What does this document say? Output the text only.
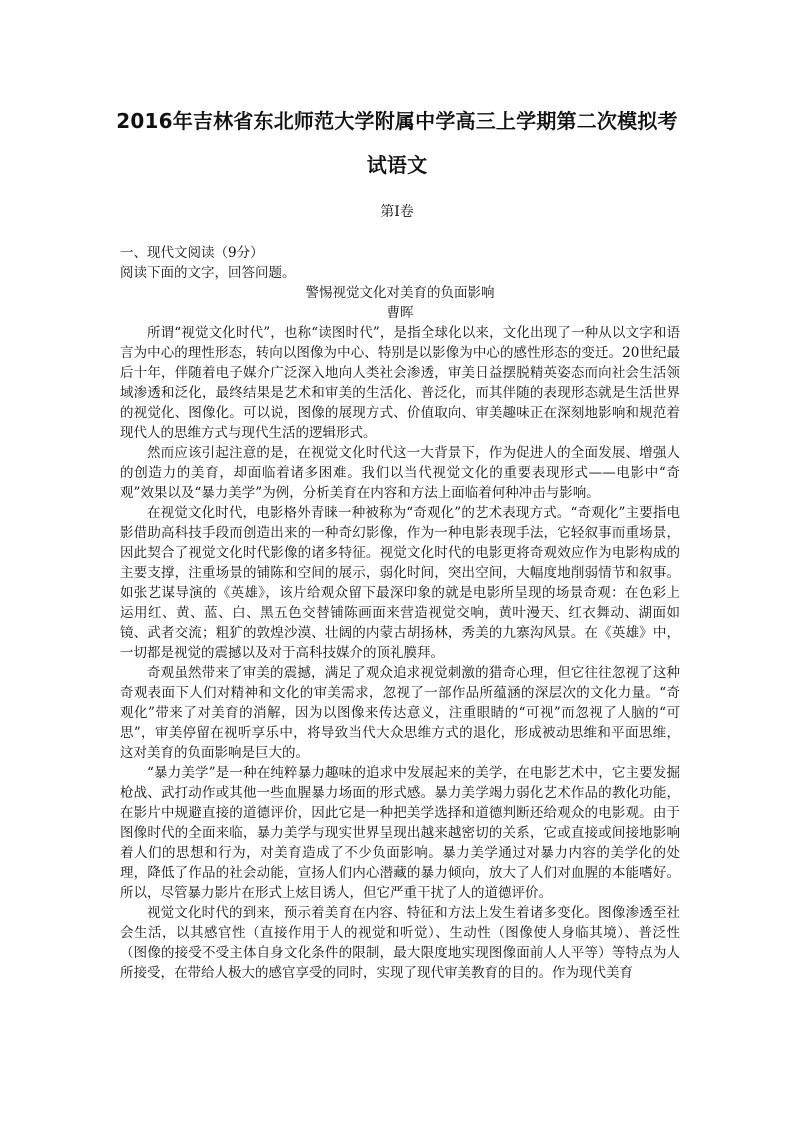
2016年吉林省东北师范大学附属中学高三上学期第二次模拟考试语文
第Ⅰ卷

一、现代文阅读（9分）

阅读下面的文字，回答问题。

警惕视觉文化对美育的负面影响

曹晖

所谓“视觉文化时代”，也称“读图时代”，是指全球化以来，文化出现了一种从以文字和语言为中心的理性形态，转向以图像为中心、特别是以影像为中心的感性形态的变迁。20世纪最后十年，伴随着电子媒介广泛深入地向人类社会渗透，审美日益摆脱精英姿态而向社会生活领域渗透和泛化，最终结果是艺术和审美的生活化、普泛化，而其伴随的表现形态就是生活世界的视觉化、图像化。可以说，图像的展现方式、价值取向、审美趣味正在深刻地影响和规范着现代人的思维方式与现代生活的逻辑形式。

然而应该引起注意的是，在视觉文化时代这一大背景下，作为促进人的全面发展、增强人的创造力的美育，却面临着诸多困难。我们以当代视觉文化的重要表现形式——电影中“奇观”效果以及“暴力美学”为例，分析美育在内容和方法上面临着何种冲击与影响。

在视觉文化时代，电影格外青睐一种被称为“奇观化”的艺术表现方式。“奇观化”主要指电影借助高科技手段而创造出来的一种奇幻影像，作为一种电影表现手法，它轻叙事而重场景，因此契合了视觉文化时代影像的诸多特征。视觉文化时代的电影更将奇观效应作为电影构成的主要支撑，注重场景的铺陈和空间的展示，弱化时间，突出空间，大幅度地削弱情节和叙事。如张艺谋导演的《英雄》，该片给观众留下最深印象的就是电影所呈现的场景奇观：在色彩上运用红、黄、蓝、白、黑五色交替铺陈画面来营造视觉交响，黄叶漫天、红衣舞动、湖面如镜、武者交流；粗犷的敦煌沙漠、壮阔的内蒙古胡扬林，秀美的九寨沟风景。在《英雄》中，一切都是视觉的震撼以及对于高科技媒介的顶礼膜拜。

奇观虽然带来了审美的震撼，满足了观众追求视觉刺激的猎奇心理，但它往往忽视了这种奇观表面下人们对精神和文化的审美需求，忽视了一部作品所蕴涵的深层次的文化力量。“奇观化”带来了对美育的消解，因为以图像来传达意义，注重眼睛的“可视”而忽视了人脑的“可思”，审美停留在视听享乐中，将导致当代大众思维方式的退化，形成被动思维和平面思维，这对美育的负面影响是巨大的。

“暴力美学”是一种在纯粹暴力趣味的追求中发展起来的美学，在电影艺术中，它主要发掘枪战、武打动作或其他一些血腥暴力场面的形式感。暴力美学竭力弱化艺术作品的教化功能，在影片中规避直接的道德评价，因此它是一种把美学选择和道德判断还给观众的电影观。由于图像时代的全面来临，暴力美学与现实世界呈现出越来越密切的关系，它或直接或间接地影响着人们的思想和行为，对美育造成了不少负面影响。暴力美学通过对暴力内容的美学化的处理，降低了作品的社会动能，宣扬人们内心潜藏的暴力倾向，放大了人们对血腥的本能嗜好。所以，尽管暴力影片在形式上炫目诱人，但它严重干扰了人的道德评价。

视觉文化时代的到来，预示着美育在内容、特征和方法上发生着诸多变化。图像渗透至社会生活，以其感官性（直接作用于人的视觉和听觉）、生动性（图像使人身临其境）、普泛性（图像的接受不受主体自身文化条件的限制，最大限度地实现图像面前人人平等）等特点为人所接受，在带给人极大的感官享受的同时，实现了现代审美教育的目的。作为现代美育
